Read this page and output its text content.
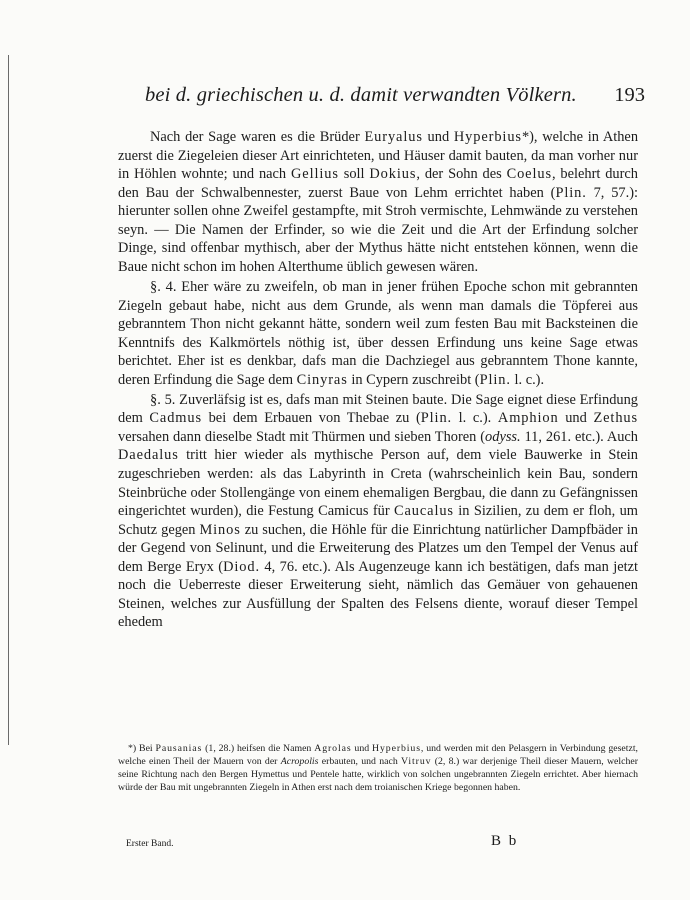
bei d. griechischen u. d. damit verwandten Völkern. 193

Nach der Sage waren es die Brüder Euryalus und Hyperbius*), welche in Athen zuerst die Ziegeleien dieser Art einrichteten, und Häuser damit bauten, da man vorher nur in Höhlen wohnte; und nach Gellius soll Dokius, der Sohn des Coelus, belehrt durch den Bau der Schwalbennester, zuerst Baue von Lehm errichtet haben (Plin. 7, 57.): hierunter sollen ohne Zweifel gestampfte, mit Stroh vermischte, Lehmwände zu verstehen seyn. — Die Namen der Erfinder, so wie die Zeit und die Art der Erfindung solcher Dinge, sind offenbar mythisch, aber der Mythus hätte nicht entstehen können, wenn die Baue nicht schon im hohen Alterthume üblich gewesen wären.

§. 4. Eher wäre zu zweifeln, ob man in jener frühen Epoche schon mit gebrannten Ziegeln gebaut habe, nicht aus dem Grunde, als wenn man damals die Töpferei aus gebranntem Thon nicht gekannt hätte, sondern weil zum festen Bau mit Backsteinen die Kenntnifs des Kalkmörtels nöthig ist, über dessen Erfindung uns keine Sage etwas berichtet. Eher ist es denkbar, dafs man die Dachziegel aus gebranntem Thone kannte, deren Erfindung die Sage dem Cinyras in Cypern zuschreibt (Plin. l. c.).

§. 5. Zuverläfsig ist es, dafs man mit Steinen baute. Die Sage eignet diese Erfindung dem Cadmus bei dem Erbauen von Thebae zu (Plin. l. c.). Amphion und Zethus versahen dann dieselbe Stadt mit Thürmen und sieben Thoren (odyss. 11, 261. etc.). Auch Daedalus tritt hier wieder als mythische Person auf, dem viele Bauwerke in Stein zugeschrieben werden: als das Labyrinth in Creta (wahrscheinlich kein Bau, sondern Steinbrüche oder Stollengänge von einem ehemaligen Bergbau, die dann zu Gefängnissen eingerichtet wurden), die Festung Camicus für Caucalus in Sizilien, zu dem er floh, um Schutz gegen Minos zu suchen, die Höhle für die Einrichtung natürlicher Dampfbäder in der Gegend von Selinunt, und die Erweiterung des Platzes um den Tempel der Venus auf dem Berge Eryx (Diod. 4, 76. etc.). Als Augenzeuge kann ich bestätigen, dafs man jetzt noch die Ueberreste dieser Erweiterung sieht, nämlich das Gemäuer von gehauenen Steinen, welches zur Ausfüllung der Spalten des Felsens diente, worauf dieser Tempel ehedem

*) Bei Pausanias (1, 28.) heifsen die Namen Agrolas und Hyperbius, und werden mit den Pelasgern in Verbindung gesetzt, welche einen Theil der Mauern von der Acropolis erbauten, und nach Vitruv (2, 8.) war derjenige Theil dieser Mauern, welcher seine Richtung nach den Bergen Hymettus und Pentele hatte, wirklich von solchen ungebrannten Ziegeln errichtet. Aber hiernach würde der Bau mit ungebrannten Ziegeln in Athen erst nach dem troianischen Kriege begonnen haben.

Erster Band.	B b
